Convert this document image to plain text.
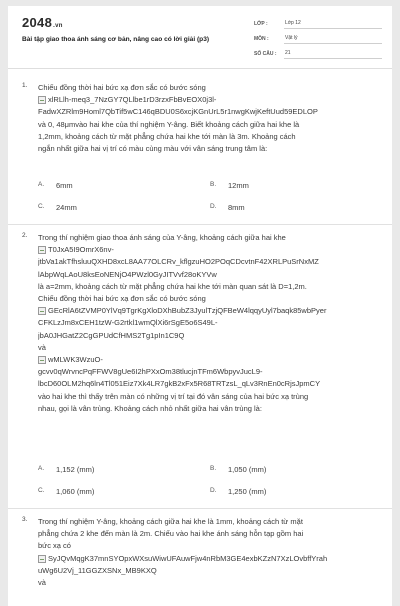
2048.vn
Bài tập giao thoa ánh sáng cơ bản, nâng cao có lời giải (p3)
LỚP :	Lớp 12
MÔN :	Vật lý
SỐ CÂU :	21
1. Chiếu đồng thời hai bức xạ đơn sắc có bước sóng
xlRLlh-meq3_7NzGY7QLlbe1rD3rzxFbBvEOX0j3l-
FadwXZRlm9Homl7QbTif5wC146qBDU0S6xcjKGnUrL5r1nwgKwjKeftUud59EDLOP
và 0, 48μmvào hai khe của thí nghiệm Y-âng. Biết khoảng cách giữa hai khe là
1,2mm, khoảng cách từ mặt phẳng chứa hai khe tới màn là 3m. Khoảng cách
ngắn nhất giữa hai vị trí có màu cùng màu với vân sáng trung tâm là:
A.	6mm	B.	12mm
C.	24mm	D.	8mm
2. Trong thí nghiệm giao thoa ánh sáng của Y-âng, khoảng cách giữa hai khe
T0JxA5I9OmrX6nv-
jtbVa1akTfhsluuQXHD8xcL8AA77OLCRv_kflgzuHO2POqCDcvtnF42XRLPuSrNxMZ
lAbpWqLAoU8ksEoNENjO4PWzl0GyJITVvf28oKYVw
là a=2mm, khoảng cách từ mặt phẳng chứa hai khe tới màn quan sát là D=1,2m.
Chiếu đồng thời hai bức xạ đơn sắc có bước sóng
GEcRlA6tZVMP0YlVq9TgrKgXloDXhBubZ3JyulTzjQFBeW4lqqyUyl7baqk85wbPyer
CFKLzJm8xCEH1tzW-G2rtkl1wmQlXi6rSgE5o6S49L-
jbA0JHGatZ2CgGPUdCfHMS2Tg1pIn1C9Q
và
wMLWK3WzuO-
gcvv0qWrvncPqFFWV8gUe6I2hPXxOm38tlucjnTFm6WbpyvJucL9-
lbcD60OLM2hq6ln4Tl051Eiz7Xk4LR7gkB2xFx5R68TRTzsL_qLv3RnEn0cRjsJpmCY
vào hai khe thì thấy trên màn có những vị trí tại đó vân sáng của hai bức xạ trùng
nhau, gọi là vân trùng. Khoảng cách nhỏ nhất giữa hai vân trùng là:
A.	1,152 (mm)	B.	1,050 (mm)
C.	1,060 (mm)	D.	1,250 (mm)
3. Trong thí nghiệm Y-âng, khoảng cách giữa hai khe là 1mm, khoảng cách từ mặt
phẳng chứa 2 khe đến màn là 2m. Chiếu vào hai khe ánh sáng hỗn tạp gồm hai
bức xạ có
SyJQvMqgK37mnSYOpxWXsuWiwUFAuwFjw4nRbM3GE4exbKZzN7XzLOvbffYrah
uWg6U2Vj_11GGZXSNx_MB9KXQ
và
